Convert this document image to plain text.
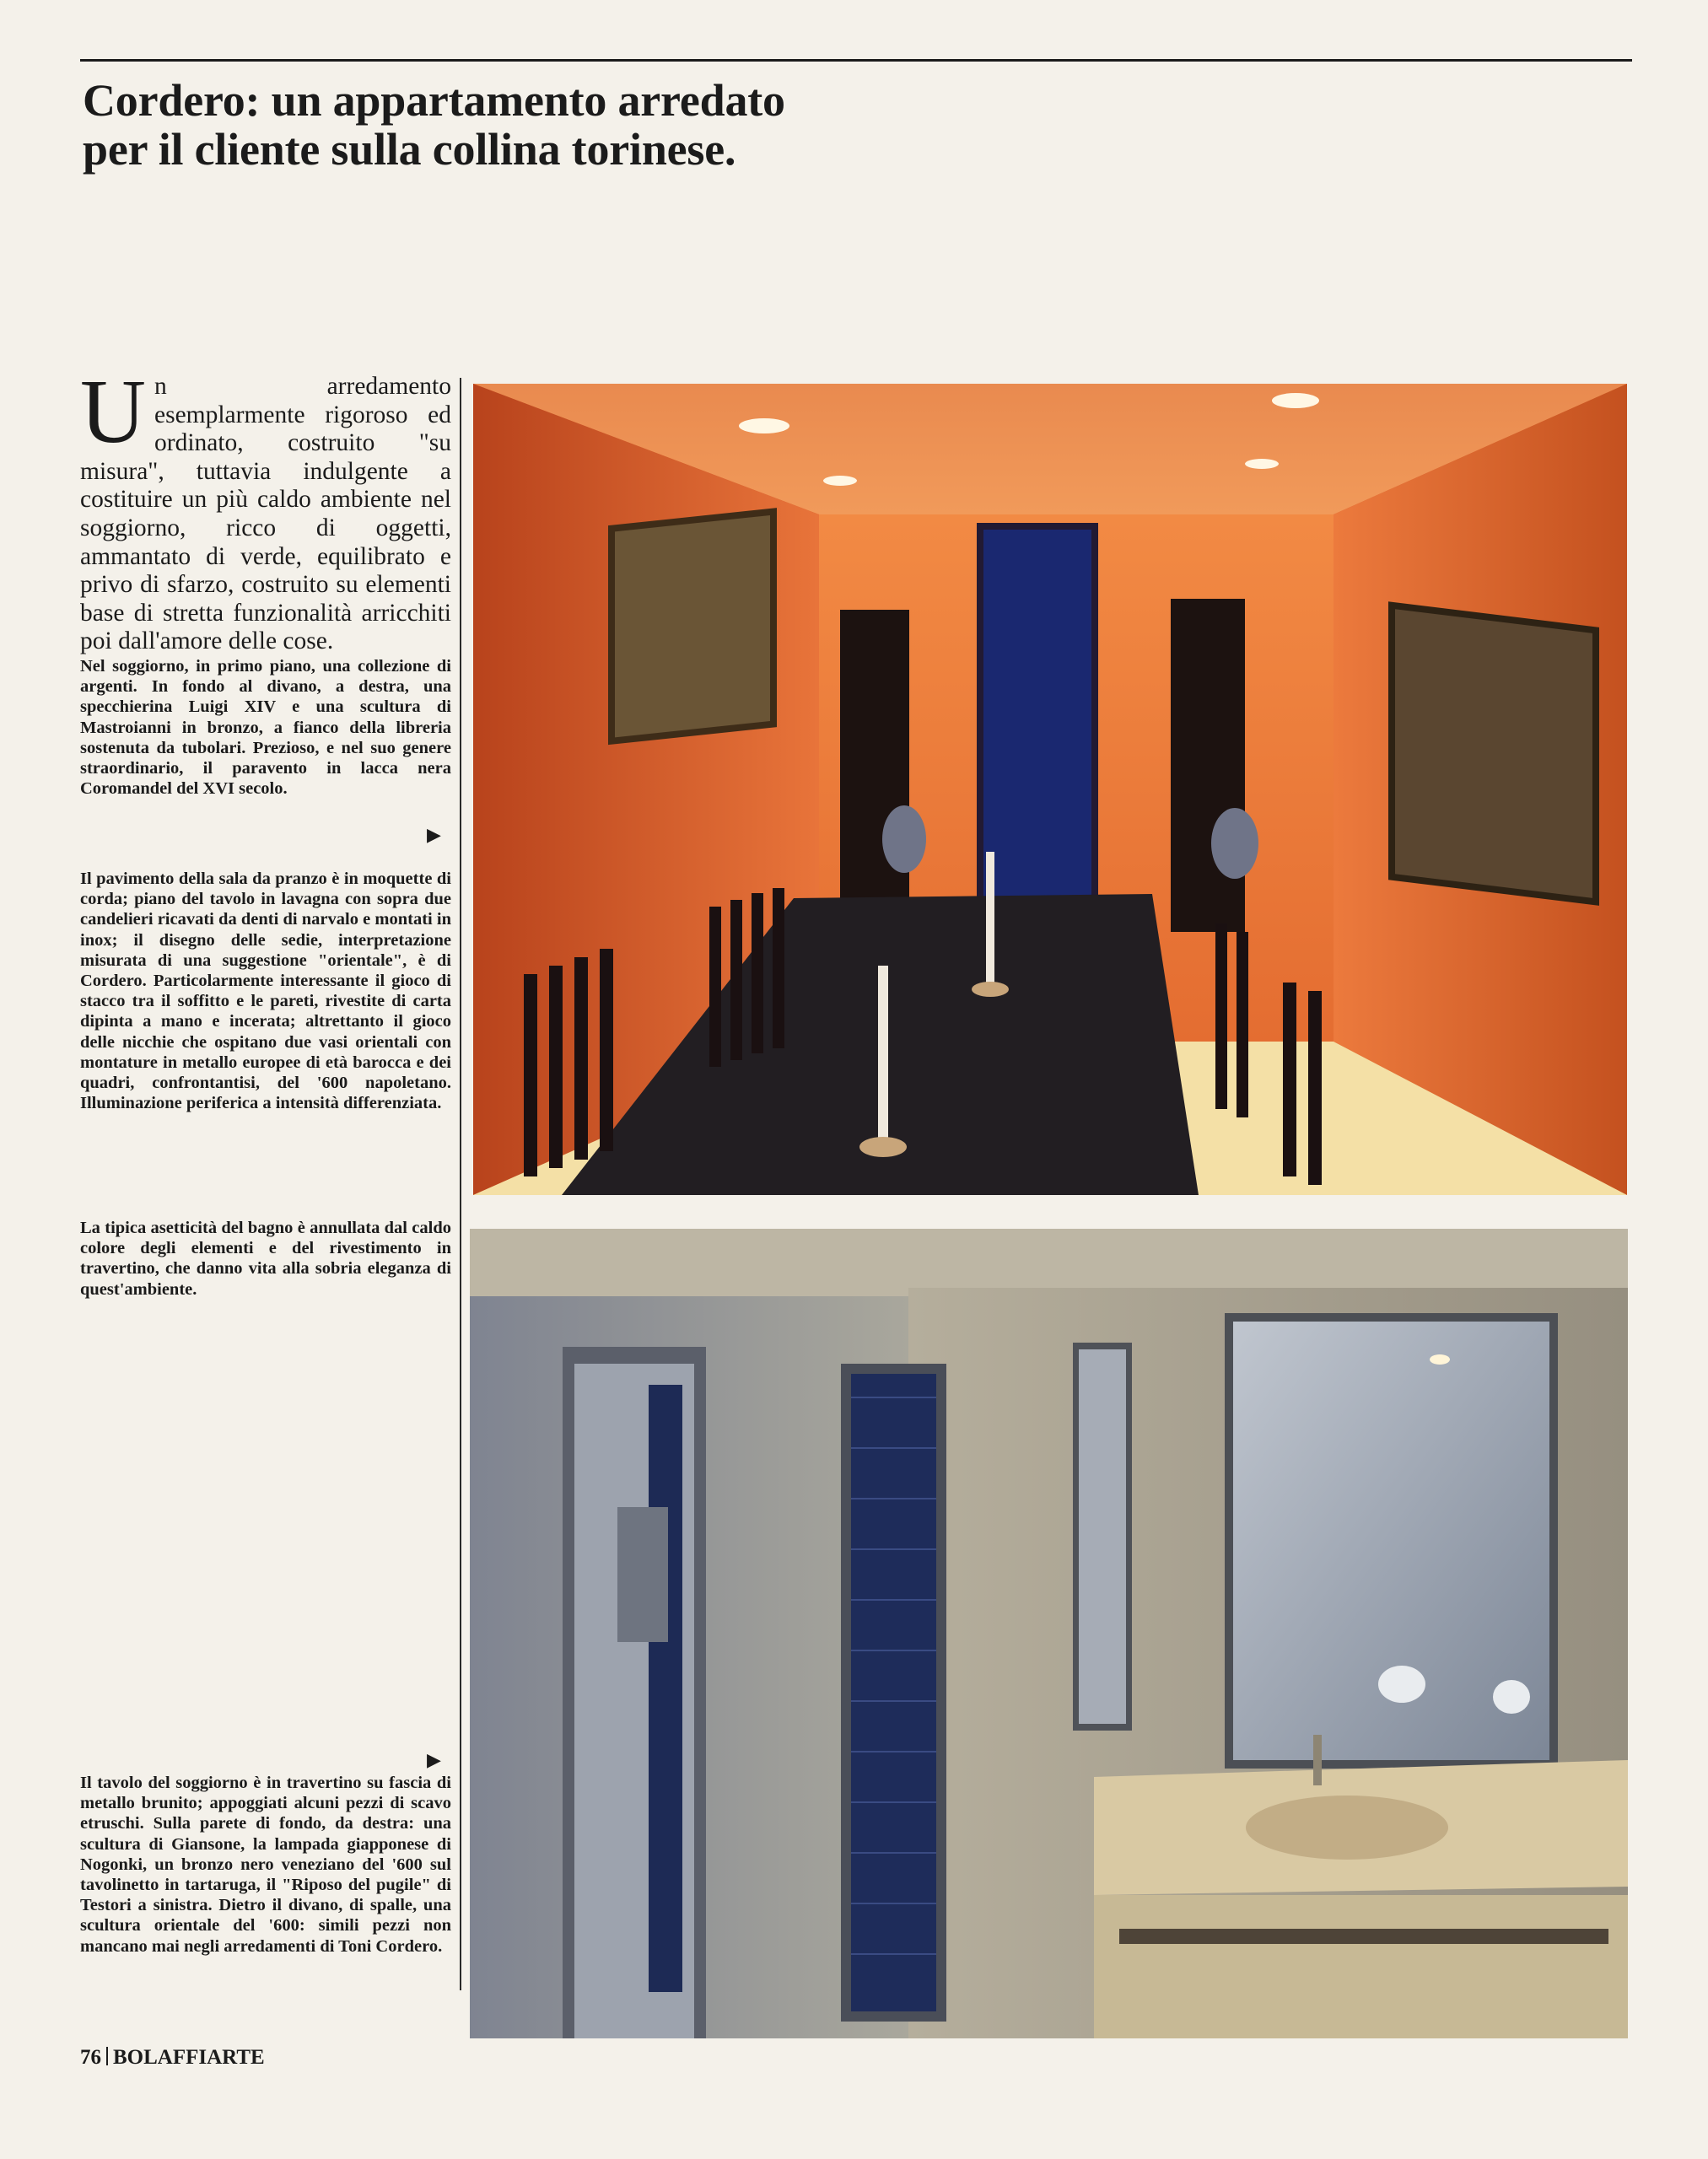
Cordero: un appartamento arredato
per il cliente sulla collina torinese.

Un arredamento esemplarmente rigoroso ed ordinato, costruito "su misura", tuttavia indulgente a costituire un più caldo ambiente nel soggiorno, ricco di oggetti, ammantato di verde, equilibrato e privo di sfarzo, costruito su elementi base di stretta funzionalità arricchiti poi dall'amore delle cose.

Nel soggiorno, in primo piano, una collezione di argenti. In fondo al divano, a destra, una specchierina Luigi XIV e una scultura di Mastroianni in bronzo, a fianco della libreria sostenuta da tubolari. Prezioso, e nel suo genere straordinario, il paravento in lacca nera Coromandel del XVI secolo.

▶

Il pavimento della sala da pranzo è in moquette di corda; piano del tavolo in lavagna con sopra due candelieri ricavati da denti di narvalo e montati in inox; il disegno delle sedie, interpretazione misurata di una suggestione "orientale", è di Cordero. Particolarmente interessante il gioco di stacco tra il soffitto e le pareti, rivestite di carta dipinta a mano e incerata; altrettanto il gioco delle nicchie che ospitano due vasi orientali con montature in metallo europee di età barocca e dei quadri, confrontantisi, del '600 napoletano. Illuminazione periferica a intensità differenziata.

La tipica asetticità del bagno è annullata dal caldo colore degli elementi e del rivestimento in travertino, che danno vita alla sobria eleganza di quest'ambiente.

▶

Il tavolo del soggiorno è in travertino su fascia di metallo brunito; appoggiati alcuni pezzi di scavo etruschi. Sulla parete di fondo, da destra: una scultura di Giansone, la lampada giapponese di Nogonki, un bronzo nero veneziano del '600 sul tavolinetto in tartaruga, il "Riposo del pugile" di Testori a sinistra. Dietro il divano, di spalle, una scultura orientale del '600: simili pezzi non mancano mai negli arredamenti di Toni Cordero.

76 BOLAFFIARTE
